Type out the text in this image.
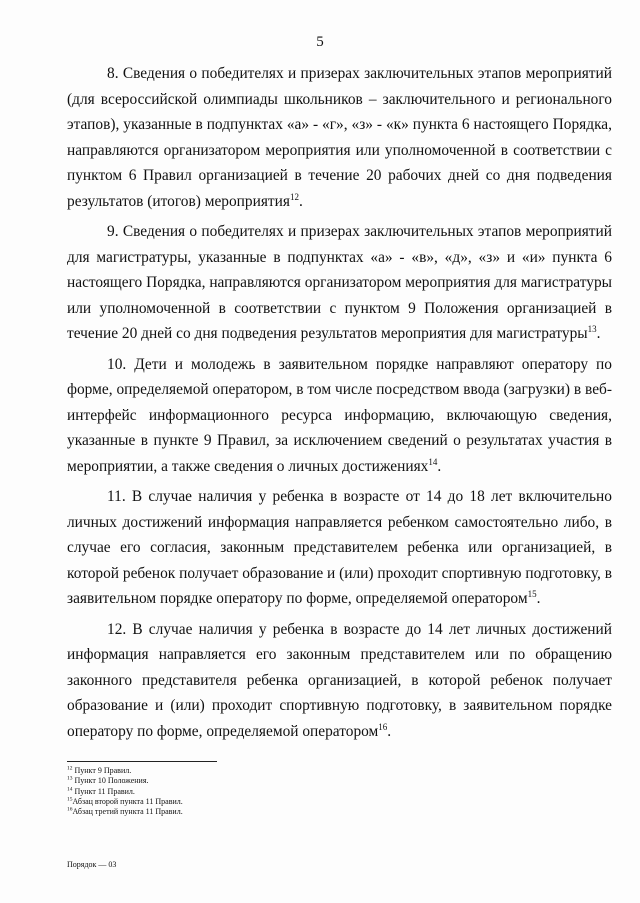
5

8. Сведения о победителях и призерах заключительных этапов мероприятий (для всероссийской олимпиады школьников – заключительного и регионального этапов), указанные в подпунктах «а» - «г», «з» - «к» пункта 6 настоящего Порядка, направляются организатором мероприятия или уполномоченной в соответствии с пунктом 6 Правил организацией в течение 20 рабочих дней со дня подведения результатов (итогов) мероприятия$^{12}$.

9. Сведения о победителях и призерах заключительных этапов мероприятий для магистратуры, указанные в подпунктах «а» - «в», «д», «з» и «и» пункта 6 настоящего Порядка, направляются организатором мероприятия для магистратуры или уполномоченной в соответствии с пунктом 9 Положения организацией в течение 20 дней со дня подведения результатов мероприятия для магистратуры$^{13}$.

10. Дети и молодежь в заявительном порядке направляют оператору по форме, определяемой оператором, в том числе посредством ввода (загрузки) в веб-интерфейс информационного ресурса информацию, включающую сведения, указанные в пункте 9 Правил, за исключением сведений о результатах участия в мероприятии, а также сведения о личных достижениях$^{14}$.

11. В случае наличия у ребенка в возрасте от 14 до 18 лет включительно личных достижений информация направляется ребенком самостоятельно либо, в случае его согласия, законным представителем ребенка или организацией, в которой ребенок получает образование и (или) проходит спортивную подготовку, в заявительном порядке оператору по форме, определяемой оператором$^{15}$.

12. В случае наличия у ребенка в возрасте до 14 лет личных достижений информация направляется его законным представителем или по обращению законного представителя ребенка организацией, в которой ребенок получает образование и (или) проходит спортивную подготовку, в заявительном порядке оператору по форме, определяемой оператором$^{16}$.

$^{12}$ Пункт 9 Правил.
$^{13}$ Пункт 10 Положения.
$^{14}$ Пункт 11 Правил.
$^{15}$Абзац второй пункта 11 Правил.
$^{16}$Абзац третий пункта 11 Правил.
Порядок — 03
